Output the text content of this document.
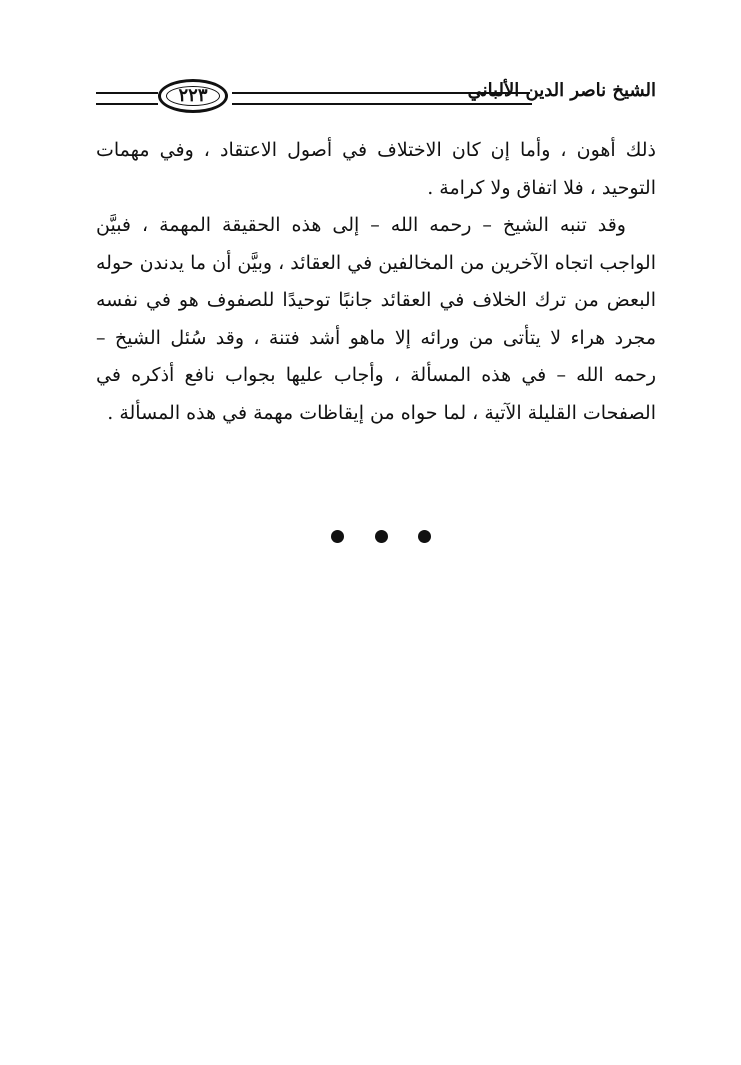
٢٢٣	الشيخ ناصر الدين الألباني

ذلك أهون ، وأما إن كان الاختلاف في أصول الاعتقاد ، وفي مهمات التوحيد ، فلا اتفاق ولا كرامة .

وقد تنبه الشيخ – رحمه الله – إلى هذه الحقيقة المهمة ، فبيَّن الواجب اتجاه الآخرين من المخالفين في العقائد ، وبيَّن أن ما يدندن حوله البعض من ترك الخلاف في العقائد جانبًا توحيدًا للصفوف هو في نفسه مجرد هراء لا يتأتى من ورائه إلا ماهو أشد فتنة ، وقد سُئل الشيخ – رحمه الله – في هذه المسألة ، وأجاب عليها بجواب نافع أذكره في الصفحات القليلة الآتية ، لما حواه من إيقاظات مهمة في هذه المسألة .
